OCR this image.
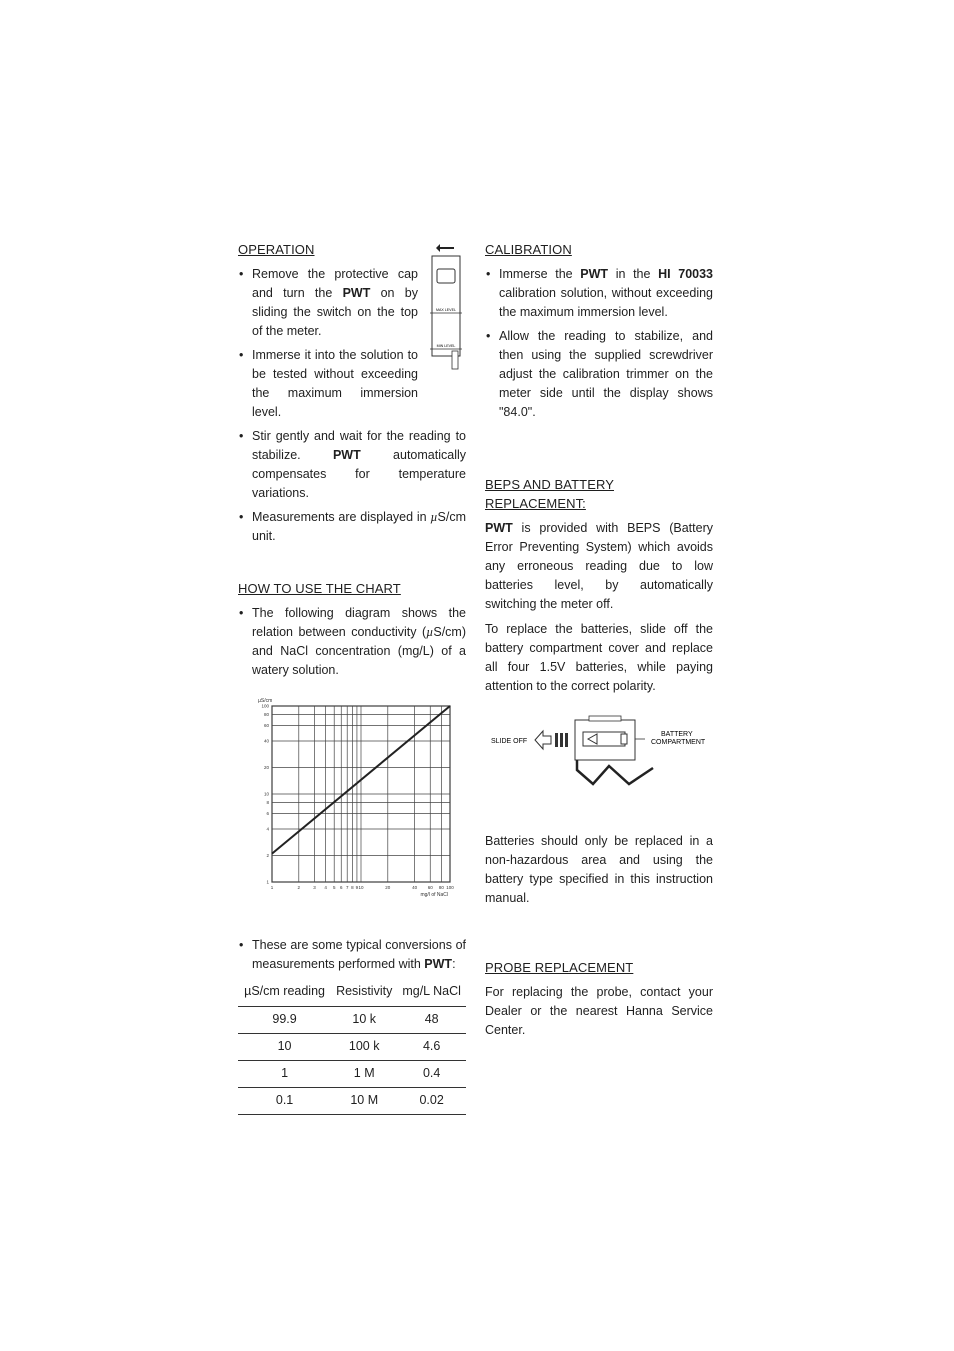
OPERATION
• Remove the protective cap and turn the PWT on by sliding the switch on the top of the meter.
• Immerse it into the solution to be tested without exceeding the maximum immersion level.
• Stir gently and wait for the reading to stabilize. PWT automatically compensates for temperature variations.
• Measurements are displayed in µS/cm unit.
HOW TO USE THE CHART
• The following diagram shows the relation between conductivity (µS/cm) and NaCl concentration (mg/L) of a watery solution.
1	2	3 4 5 6 7 8 9 10	20	40 60 80 100
1
2
4
6
8
10
20
40
60
80
100
µS/cm
mg/l of NaCl
• These are some typical conversions of measurements performed with PWT:
µS/cm reading	Resistivity	mg/L NaCl
99.9	10 k	48
10	100 k	4.6
1	1 M	0.4
0.1	10 M	0.02
MAX LEVEL
MIN LEVEL
CALIBRATION
• Immerse the PWT in the HI 70033 calibration solution, without exceeding the maximum immersion level.
• Allow the reading to stabilize, and then using the supplied screwdriver adjust the calibration trimmer on the meter side until the display shows "84.0".
BEPS AND BATTERY REPLACEMENT:

PWT is provided with BEPS (Battery Error Preventing System) which avoids any erroneous reading due to low batteries level, by automatically switching the meter off.

To replace the batteries, slide off the battery compartment cover and replace all four 1.5V batteries, while paying attention to the correct polarity.

SLIDE OFF
BATTERY
COMPARTMENT

Batteries should only be replaced in a non-hazardous area and using the battery type specified in this instruction manual.

PROBE REPLACEMENT

For replacing the probe, contact your Dealer or the nearest Hanna Service Center.
